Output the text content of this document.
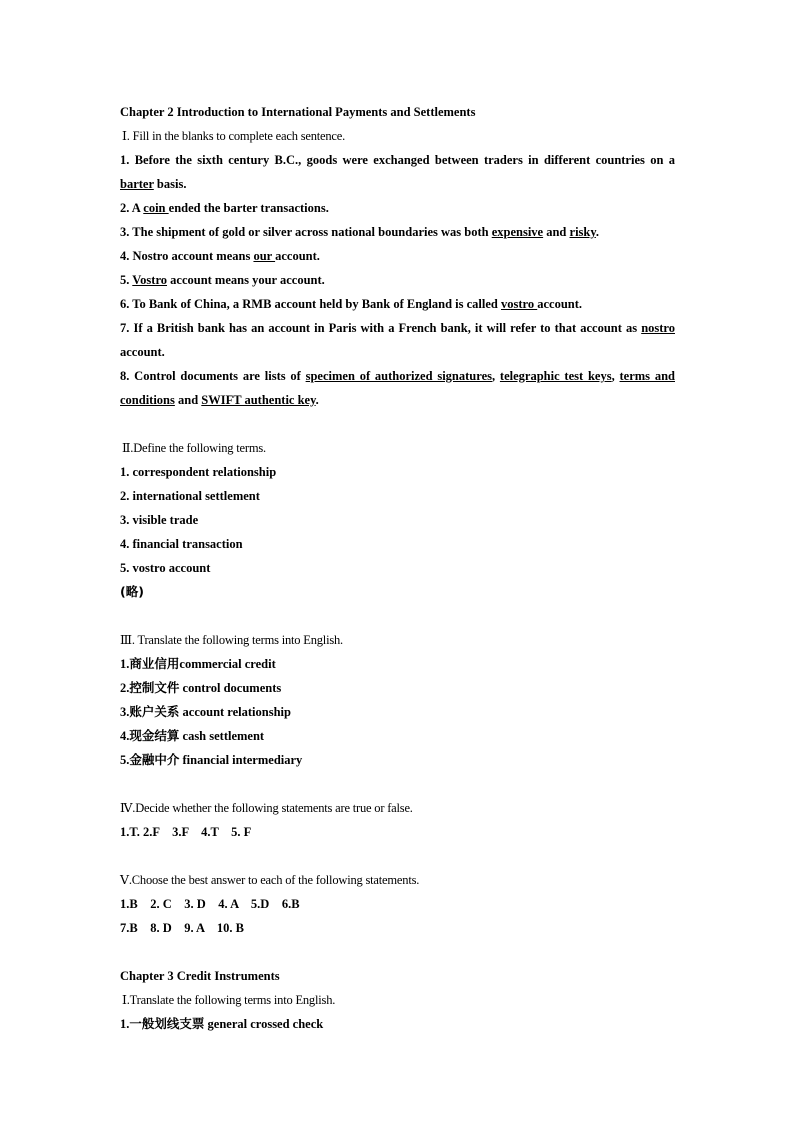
Chapter 2 Introduction to International Payments and Settlements
Ⅰ. Fill in the blanks to complete each sentence.
1. Before the sixth century B.C., goods were exchanged between traders in different countries on a barter basis.
2. A coin ended the barter transactions.
3. The shipment of gold or silver across national boundaries was both expensive and risky.
4. Nostro account means our account.
5. Vostro account means your account.
6. To Bank of China, a RMB account held by Bank of England is called vostro account.
7. If a British bank has an account in Paris with a French bank, it will refer to that account as nostro account.
8. Control documents are lists of specimen of authorized signatures, telegraphic test keys, terms and conditions and SWIFT authentic key.
Ⅱ.Define the following terms.
1. correspondent relationship
2. international settlement
3. visible trade
4. financial transaction
5. vostro account
(略)
Ⅲ. Translate the following terms into English.
1.商业信用commercial credit
2.控制文件 control documents
3.账户关系 account relationship
4.现金结算 cash settlement
5.金融中介 financial intermediary
Ⅳ.Decide whether the following statements are true or false.
1.T. 2.F    3.F    4.T    5. F
Ⅴ.Choose the best answer to each of the following statements.
1.B    2. C    3. D    4. A    5.D    6.B
7.B    8. D    9. A    10. B
Chapter 3 Credit Instruments
Ⅰ.Translate the following terms into English.
1.一般划线支票 general crossed check
